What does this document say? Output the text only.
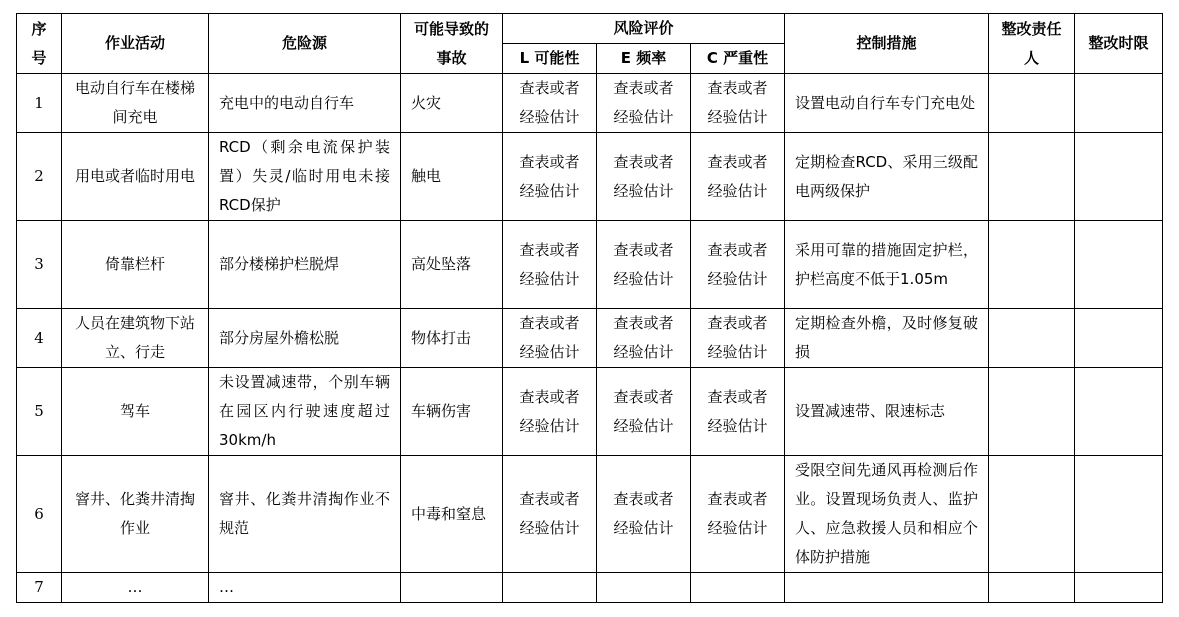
序号	作业活动	危险源	可能导致的事故	风险评价			控制措施	整改责任人	整改时限
				L 可能性	E 频率	C 严重性			
1	电动自行车在楼梯间充电	充电中的电动自行车	火灾	查表或者经验估计	查表或者经验估计	查表或者经验估计	设置电动自行车专门充电处		
2	用电或者临时用电	RCD（剩余电流保护装置）失灵/临时用电未接RCD保护	触电	查表或者经验估计	查表或者经验估计	查表或者经验估计	定期检查RCD、采用三级配电两级保护		
3	倚靠栏杆	部分楼梯护栏脱焊	高处坠落	查表或者经验估计	查表或者经验估计	查表或者经验估计	采用可靠的措施固定护栏，护栏高度不低于1.05m		
4	人员在建筑物下站立、行走	部分房屋外檐松脱	物体打击	查表或者经验估计	查表或者经验估计	查表或者经验估计	定期检查外檐，及时修复破损		
5	驾车	未设置减速带，个别车辆在园区内行驶速度超过30km/h	车辆伤害	查表或者经验估计	查表或者经验估计	查表或者经验估计	设置减速带、限速标志		
6	窨井、化粪井清掏作业	窨井、化粪井清掏作业不规范	中毒和窒息	查表或者经验估计	查表或者经验估计	查表或者经验估计	受限空间先通风再检测后作业。设置现场负责人、监护人、应急救援人员和相应个体防护措施		
7	…	…							
